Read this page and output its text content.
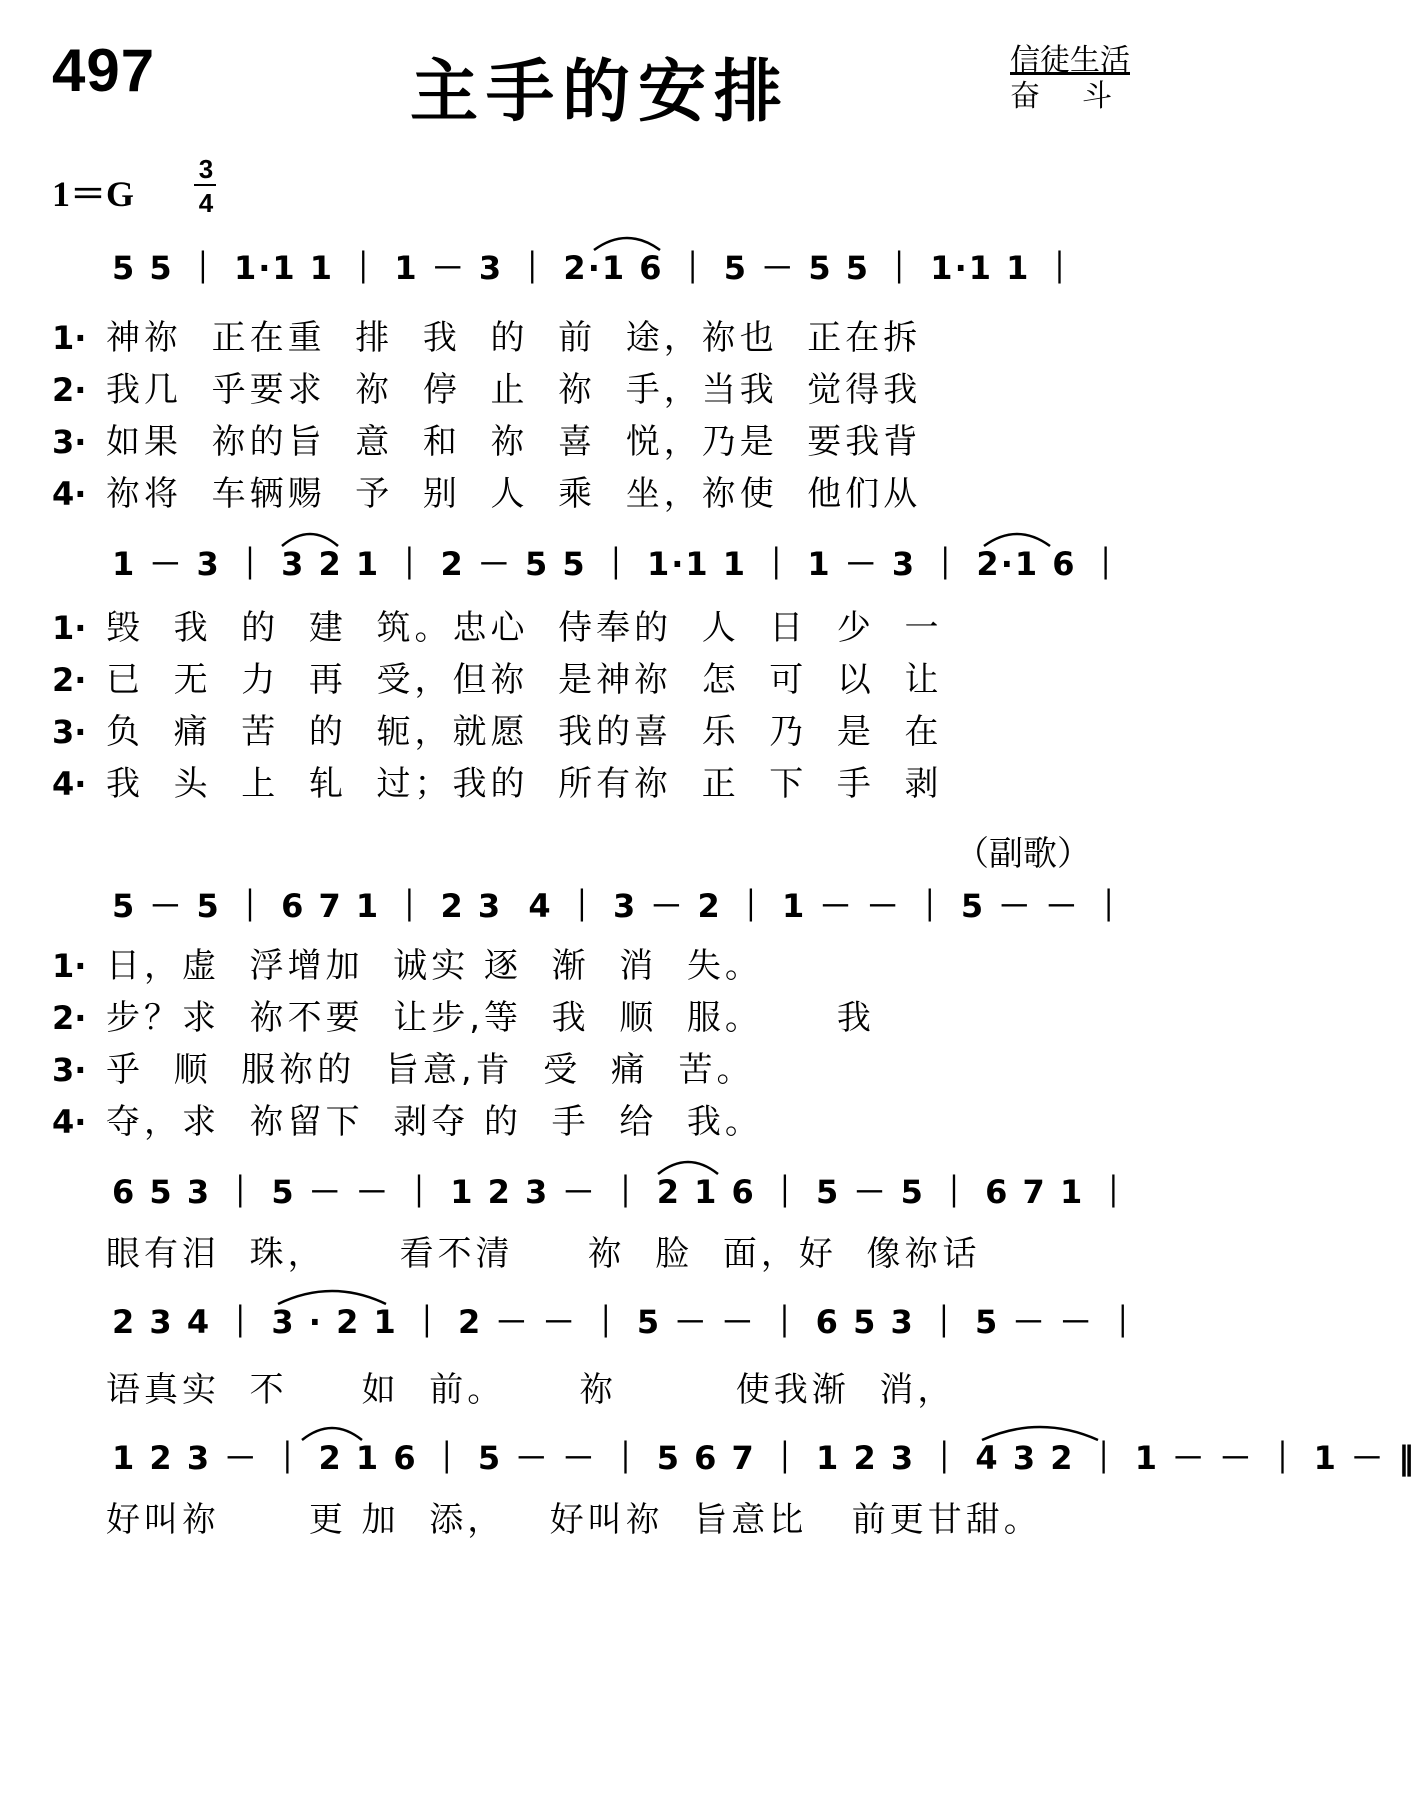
497	主手的安排	信徒生活
奋斗
1＝G
3
4
5 5 ｜ 1·1 1 ｜ 1 － 3 ｜ 2·1 6 ｜ 5 － 5 5 ｜ 1·1 1 ｜
1· 神祢  正在重  排  我  的  前  途，祢也  正在拆
2· 我几  乎要求  祢  停  止  祢  手，当我  觉得我
3· 如果  祢的旨  意  和  祢  喜  悦，乃是  要我背
4· 祢将  车辆赐  予  别  人  乘  坐，祢使  他们从
1 － 3 ｜ 3 2 1 ｜ 2 － 5 5 ｜ 1·1 1 ｜ 1 － 3 ｜ 2·1 6 ｜
1· 毁  我  的  建  筑。忠心  侍奉的  人  日  少  一
2· 已  无  力  再  受，但祢  是神祢  怎  可  以  让
3· 负  痛  苦  的  轭，就愿  我的喜  乐  乃  是  在
4· 我  头  上  轧  过；我的  所有祢  正  下  手  剥
（副歌）
5 － 5 ｜ 6 7 1 ｜ 2 3  4 ｜ 3 － 2 ｜ 1 － － ｜ 5 － － ｜
1· 日，虚  浮增加  诚实 逐  渐  消  失。
2· 步？求  祢不要  让步,等  我  顺  服。     我
3· 乎  顺  服祢的  旨意,肯  受  痛  苦。
4· 夺，求  祢留下  剥夺 的  手  给  我。
6 5 3 ｜ 5 － － ｜ 1 2 3 － ｜ 2 1 6 ｜ 5 － 5 ｜ 6 7 1 ｜
眼有泪  珠，     看不清     祢  脸  面，好  像祢话
2 3 4 ｜ 3 · 2 1 ｜ 2 － － ｜ 5 － － ｜ 6 5 3 ｜ 5 － － ｜
语真实  不     如  前。     祢        使我渐  消，
1 2 3 － ｜ 2 1 6 ｜ 5 － － ｜ 5 6 7 ｜ 1 2 3 ｜ 4 3 2 ｜ 1 － － ｜ 1 － ‖
好叫祢      更 加  添，   好叫祢  旨意比   前更甘甜。
